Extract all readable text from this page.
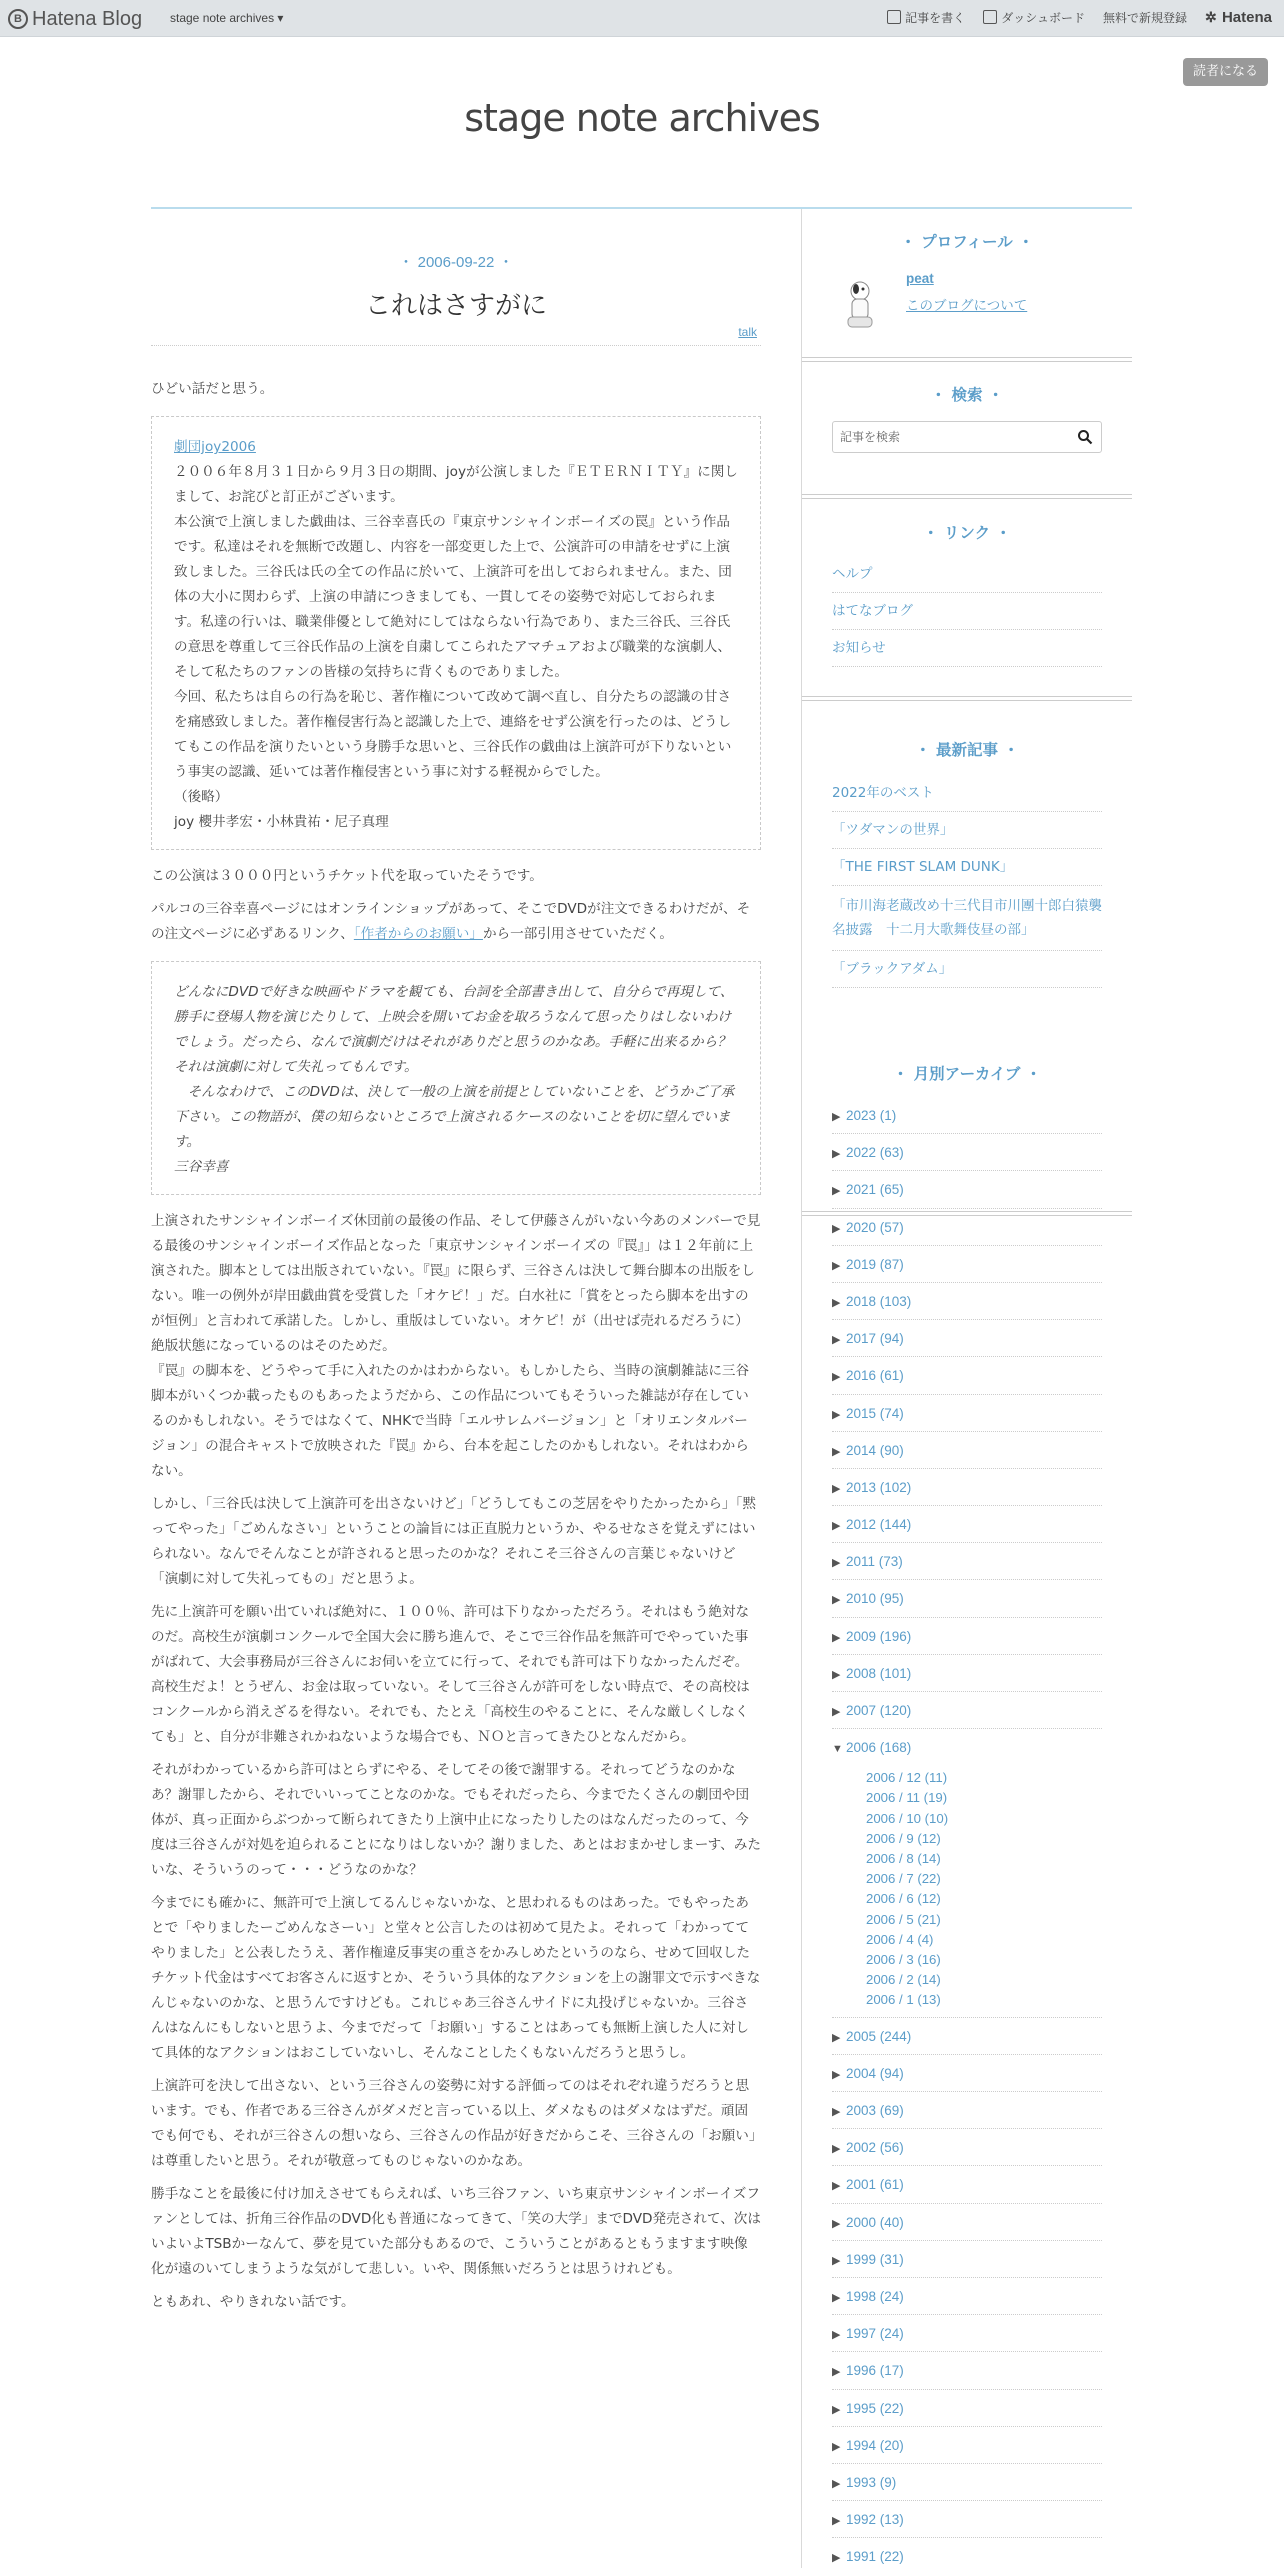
B Hatena Blog stage note archives ▾	記事を書く	ダッシュボード 無料で新規登録 ✲ Hatena
読者になる
stage note archives
・ 2006-09-22 ・
これはさすがに
talk

ひどい話だと思う。

劇団joy2006
２００６年８月３１日から９月３日の期間、joyが公演しました『ＥＴＥＲＮＩＴＹ』に関しまして、お詫びと訂正がございます。
本公演で上演しました戯曲は、三谷幸喜氏の『東京サンシャインボーイズの罠』という作品です。私達はそれを無断で改題し、内容を一部変更した上で、公演許可の申請をせずに上演致しました。三谷氏は氏の全ての作品に於いて、上演許可を出しておられません。また、団体の大小に関わらず、上演の申請につきましても、一貫してその姿勢で対応しておられます。私達の行いは、職業俳優として絶対にしてはならない行為であり、また三谷氏、三谷氏の意思を尊重して三谷氏作品の上演を自粛してこられたアマチュアおよび職業的な演劇人、そして私たちのファンの皆様の気持ちに背くものでありました。
今回、私たちは自らの行為を恥じ、著作権について改めて調べ直し、自分たちの認識の甘さを痛感致しました。著作権侵害行為と認識した上で、連絡をせず公演を行ったのは、どうしてもこの作品を演りたいという身勝手な思いと、三谷氏作の戯曲は上演許可が下りないという事実の認識、延いては著作権侵害という事に対する軽視からでした。
（後略）
joy 櫻井孝宏・小林貴祐・尼子真理

この公演は３０００円というチケット代を取っていたそうです。

パルコの三谷幸喜ページにはオンラインショップがあって、そこでDVDが注文できるわけだが、その注文ページに必ずあるリンク、「作者からのお願い」から一部引用させていただく。

どんなにDVDで好きな映画やドラマを観ても、台詞を全部書き出して、自分らで再現して、勝手に登場人物を演じたりして、上映会を開いてお金を取ろうなんて思ったりはしないわけでしょう。だったら、なんで演劇だけはそれがありだと思うのかなあ。手軽に出来るから？それは演劇に対して失礼ってもんです。
　そんなわけで、このDVDは、決して一般の上演を前提としていないことを、どうかご了承下さい。この物語が、僕の知らないところで上演されるケースのないことを切に望んでいます。
三谷幸喜

上演されたサンシャインボーイズ休団前の最後の作品、そして伊藤さんがいない今あのメンバーで見る最後のサンシャインボーイズ作品となった「東京サンシャインボーイズの『罠』」は１２年前に上演された。脚本としては出版されていない。『罠』に限らず、三谷さんは決して舞台脚本の出版をしない。唯一の例外が岸田戯曲賞を受賞した「オケピ！」だ。白水社に「賞をとったら脚本を出すのが恒例」と言われて承諾した。しかし、重版はしていない。オケピ！が（出せば売れるだろうに）絶版状態になっているのはそのためだ。

『罠』の脚本を、どうやって手に入れたのかはわからない。もしかしたら、当時の演劇雑誌に三谷脚本がいくつか載ったものもあったようだから、この作品についてもそういった雑誌が存在しているのかもしれない。そうではなくて、NHKで当時「エルサレムバージョン」と「オリエンタルバージョン」の混合キャストで放映された『罠』から、台本を起こしたのかもしれない。それはわからない。

しかし、「三谷氏は決して上演許可を出さないけど」「どうしてもこの芝居をやりたかったから」「黙ってやった」「ごめんなさい」ということの論旨には正直脱力というか、やるせなさを覚えずにはいられない。なんでそんなことが許されると思ったのかな？それこそ三谷さんの言葉じゃないけど「演劇に対して失礼ってもの」だと思うよ。

先に上演許可を願い出ていれば絶対に、１００％、許可は下りなかっただろう。それはもう絶対なのだ。高校生が演劇コンクールで全国大会に勝ち進んで、そこで三谷作品を無許可でやっていた事がばれて、大会事務局が三谷さんにお伺いを立てに行って、それでも許可は下りなかったんだぞ。高校生だよ！とうぜん、お金は取っていない。そして三谷さんが許可をしない時点で、その高校はコンクールから消えざるを得ない。それでも、たとえ「高校生のやることに、そんな厳しくしなくても」と、自分が非難されかねないような場合でも、ＮＯと言ってきたひとなんだから。

それがわかっているから許可はとらずにやる、そしてその後で謝罪する。それってどうなのかなあ？謝罪したから、それでいいってことなのかな。でもそれだったら、今までたくさんの劇団や団体が、真っ正面からぶつかって断られてきたり上演中止になったりしたのはなんだったのって、今度は三谷さんが対処を迫られることになりはしないか？謝りました、あとはおまかせしまーす、みたいな、そういうのって・・・どうなのかな？

今までにも確かに、無許可で上演してるんじゃないかな、と思われるものはあった。でもやったあとで「やりましたーごめんなさーい」と堂々と公言したのは初めて見たよ。それって「わかっててやりました」と公表したうえ、著作権違反事実の重さをかみしめたというのなら、せめて回収したチケット代金はすべてお客さんに返すとか、そういう具体的なアクションを上の謝罪文で示すべきなんじゃないのかな、と思うんですけども。これじゃあ三谷さんサイドに丸投げじゃないか。三谷さんはなんにもしないと思うよ、今までだって「お願い」することはあっても無断上演した人に対して具体的なアクションはおこしていないし、そんなことしたくもないんだろうと思うし。

上演許可を決して出さない、という三谷さんの姿勢に対する評価ってのはそれぞれ違うだろうと思います。でも、作者である三谷さんがダメだと言っている以上、ダメなものはダメなはずだ。頑固でも何でも、それが三谷さんの想いなら、三谷さんの作品が好きだからこそ、三谷さんの「お願い」は尊重したいと思う。それが敬意ってものじゃないのかなあ。

勝手なことを最後に付け加えさせてもらえれば、いち三谷ファン、いち東京サンシャインボーイズファンとしては、折角三谷作品のDVD化も普通になってきて、「笑の大学」までDVD発売されて、次はいよいよTSBかーなんて、夢を見ていた部分もあるので、こういうことがあるともうますます映像化が遠のいてしまうような気がして悲しい。いや、関係無いだろうとは思うけれども。

ともあれ、やりきれない話です。

・ プロフィール ・
peat
このブログについて
・ 検索 ・
記事を検索
・ リンク ・
ヘルプ
はてなブログ
お知らせ
・ 最新記事 ・
2022年のベスト
「ツダマンの世界」
「THE FIRST SLAM DUNK」
「市川海老蔵改め十三代目市川團十郎白猿襲名披露　十二月大歌舞伎昼の部」
「ブラックアダム」
・ 月別アーカイブ ・
▶ 2023 (1)
▶ 2022 (63)
▶ 2021 (65)
▶ 2020 (57)
▶ 2019 (87)
▶ 2018 (103)
▶ 2017 (94)
▶ 2016 (61)
▶ 2015 (74)
▶ 2014 (90)
▶ 2013 (102)
▶ 2012 (144)
▶ 2011 (73)
▶ 2010 (95)
▶ 2009 (196)
▶ 2008 (101)
▶ 2007 (120)
▼ 2006 (168)
2006 / 12 (11)
2006 / 11 (19)
2006 / 10 (10)
2006 / 9 (12)
2006 / 8 (14)
2006 / 7 (22)
2006 / 6 (12)
2006 / 5 (21)
2006 / 4 (4)
2006 / 3 (16)
2006 / 2 (14)
2006 / 1 (13)
▶ 2005 (244)
▶ 2004 (94)
▶ 2003 (69)
▶ 2002 (56)
▶ 2001 (61)
▶ 2000 (40)
▶ 1999 (31)
▶ 1998 (24)
▶ 1997 (24)
▶ 1996 (17)
▶ 1995 (22)
▶ 1994 (20)
▶ 1993 (9)
▶ 1992 (13)
▶ 1991 (22)
